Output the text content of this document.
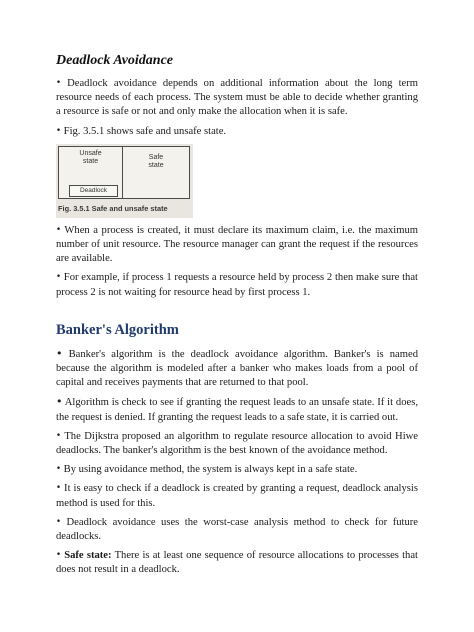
Deadlock Avoidance

• Deadlock avoidance depends on additional information about the long term resource needs of each process. The system must be able to decide whether granting a resource is safe or not and only make the allocation when it is safe.

• Fig. 3.5.1 shows safe and unsafe state.

Unsafe
state
Deadlock
Safe
state
Fig. 3.5.1 Safe and unsafe state

• When a process is created, it must declare its maximum claim, i.e. the maximum number of unit resource. The resource manager can grant the request if the resources are available.

• For example, if process 1 requests a resource held by process 2 then make sure that process 2 is not waiting for resource head by first process 1.

Banker's Algorithm

• Banker's algorithm is the deadlock avoidance algorithm. Banker's is named because the algorithm is modeled after a banker who makes loads from a pool of capital and receives payments that are returned to that pool.

• Algorithm is check to see if granting the request leads to an unsafe state. If it does, the request is denied. If granting the request leads to a safe state, it is carried out.

• The Dijkstra proposed an algorithm to regulate resource allocation to avoid Hiwe deadlocks. The banker's algorithm is the best known of the avoidance method.

• By using avoidance method, the system is always kept in a safe state.

• It is easy to check if a deadlock is created by granting a request, deadlock analysis method is used for this.

• Deadlock avoidance uses the worst-case analysis method to check for future deadlocks.

• Safe state: There is at least one sequence of resource allocations to processes that does not result in a deadlock.
